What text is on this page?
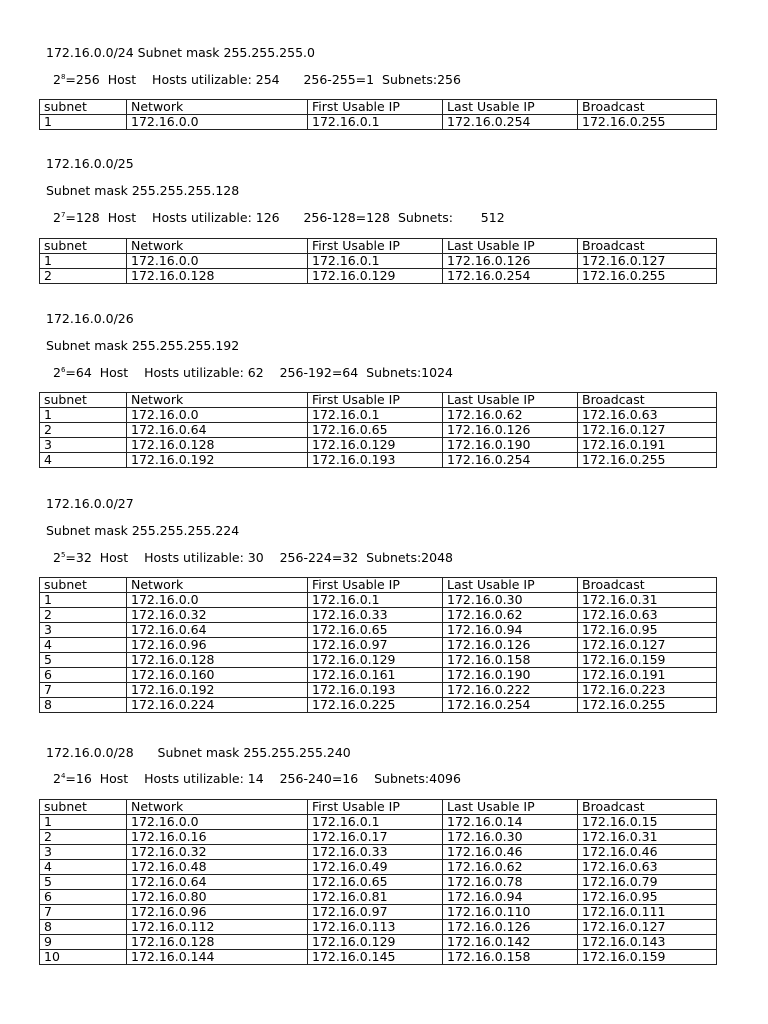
172.16.0.0/24 Subnet mask 255.255.255.0
$2^8=256$  Host    Hosts utilizable: 254      256-255=1  Subnets:256
subnet	Network	First Usable IP	Last Usable IP	Broadcast
1	172.16.0.0	172.16.0.1	172.16.0.254	172.16.0.255
172.16.0.0/25
Subnet mask 255.255.255.128
$2^7=128$  Host    Hosts utilizable: 126      256-128=128  Subnets:       512
subnet	Network	First Usable IP	Last Usable IP	Broadcast
1	172.16.0.0	172.16.0.1	172.16.0.126	172.16.0.127
2	172.16.0.128	172.16.0.129	172.16.0.254	172.16.0.255
172.16.0.0/26
Subnet mask 255.255.255.192
$2^6=64$  Host    Hosts utilizable: 62    256-192=64  Subnets:1024
subnet	Network	First Usable IP	Last Usable IP	Broadcast
1	172.16.0.0	172.16.0.1	172.16.0.62	172.16.0.63
2	172.16.0.64	172.16.0.65	172.16.0.126	172.16.0.127
3	172.16.0.128	172.16.0.129	172.16.0.190	172.16.0.191
4	172.16.0.192	172.16.0.193	172.16.0.254	172.16.0.255
172.16.0.0/27
Subnet mask 255.255.255.224
$2^5=32$  Host    Hosts utilizable: 30    256-224=32  Subnets:2048
subnet	Network	First Usable IP	Last Usable IP	Broadcast
1	172.16.0.0	172.16.0.1	172.16.0.30	172.16.0.31
2	172.16.0.32	172.16.0.33	172.16.0.62	172.16.0.63
3	172.16.0.64	172.16.0.65	172.16.0.94	172.16.0.95
4	172.16.0.96	172.16.0.97	172.16.0.126	172.16.0.127
5	172.16.0.128	172.16.0.129	172.16.0.158	172.16.0.159
6	172.16.0.160	172.16.0.161	172.16.0.190	172.16.0.191
7	172.16.0.192	172.16.0.193	172.16.0.222	172.16.0.223
8	172.16.0.224	172.16.0.225	172.16.0.254	172.16.0.255
172.16.0.0/28      Subnet mask 255.255.255.240
$2^4=16$  Host    Hosts utilizable: 14    256-240=16    Subnets:4096
subnet	Network	First Usable IP	Last Usable IP	Broadcast
1	172.16.0.0	172.16.0.1	172.16.0.14	172.16.0.15
2	172.16.0.16	172.16.0.17	172.16.0.30	172.16.0.31
3	172.16.0.32	172.16.0.33	172.16.0.46	172.16.0.46
4	172.16.0.48	172.16.0.49	172.16.0.62	172.16.0.63
5	172.16.0.64	172.16.0.65	172.16.0.78	172.16.0.79
6	172.16.0.80	172.16.0.81	172.16.0.94	172.16.0.95
7	172.16.0.96	172.16.0.97	172.16.0.110	172.16.0.111
8	172.16.0.112	172.16.0.113	172.16.0.126	172.16.0.127
9	172.16.0.128	172.16.0.129	172.16.0.142	172.16.0.143
10	172.16.0.144	172.16.0.145	172.16.0.158	172.16.0.159
